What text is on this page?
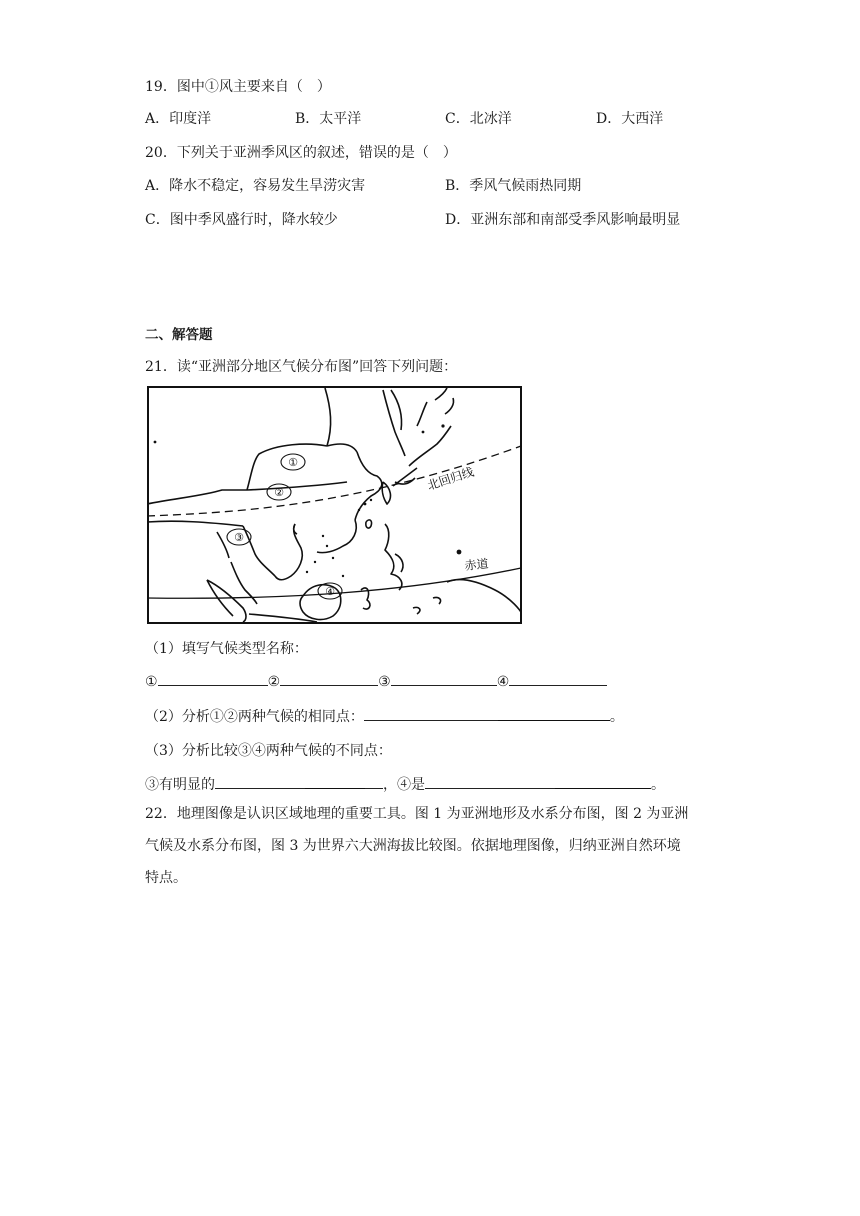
19．图中①风主要来自（　）
A．印度洋	B．太平洋	C．北冰洋	D．大西洋
20．下列关于亚洲季风区的叙述，错误的是（　）
A．降水不稳定，容易发生旱涝灾害	B．季风气候雨热同期
C．图中季风盛行时，降水较少	D．亚洲东部和南部受季风影响最明显
二、解答题
21．读“亚洲部分地区气候分布图”回答下列问题：
①
②
③
④
北回归线
赤道
（1）填写气候类型名称：
①	②	③	④
（2）分析①②两种气候的相同点：	。
（3）分析比较③④两种气候的不同点：
③有明显的	，④是	。
22．地理图像是认识区域地理的重要工具。图 1 为亚洲地形及水系分布图，图 2 为亚洲
气候及水系分布图，图 3 为世界六大洲海拔比较图。依据地理图像，归纳亚洲自然环境
特点。
